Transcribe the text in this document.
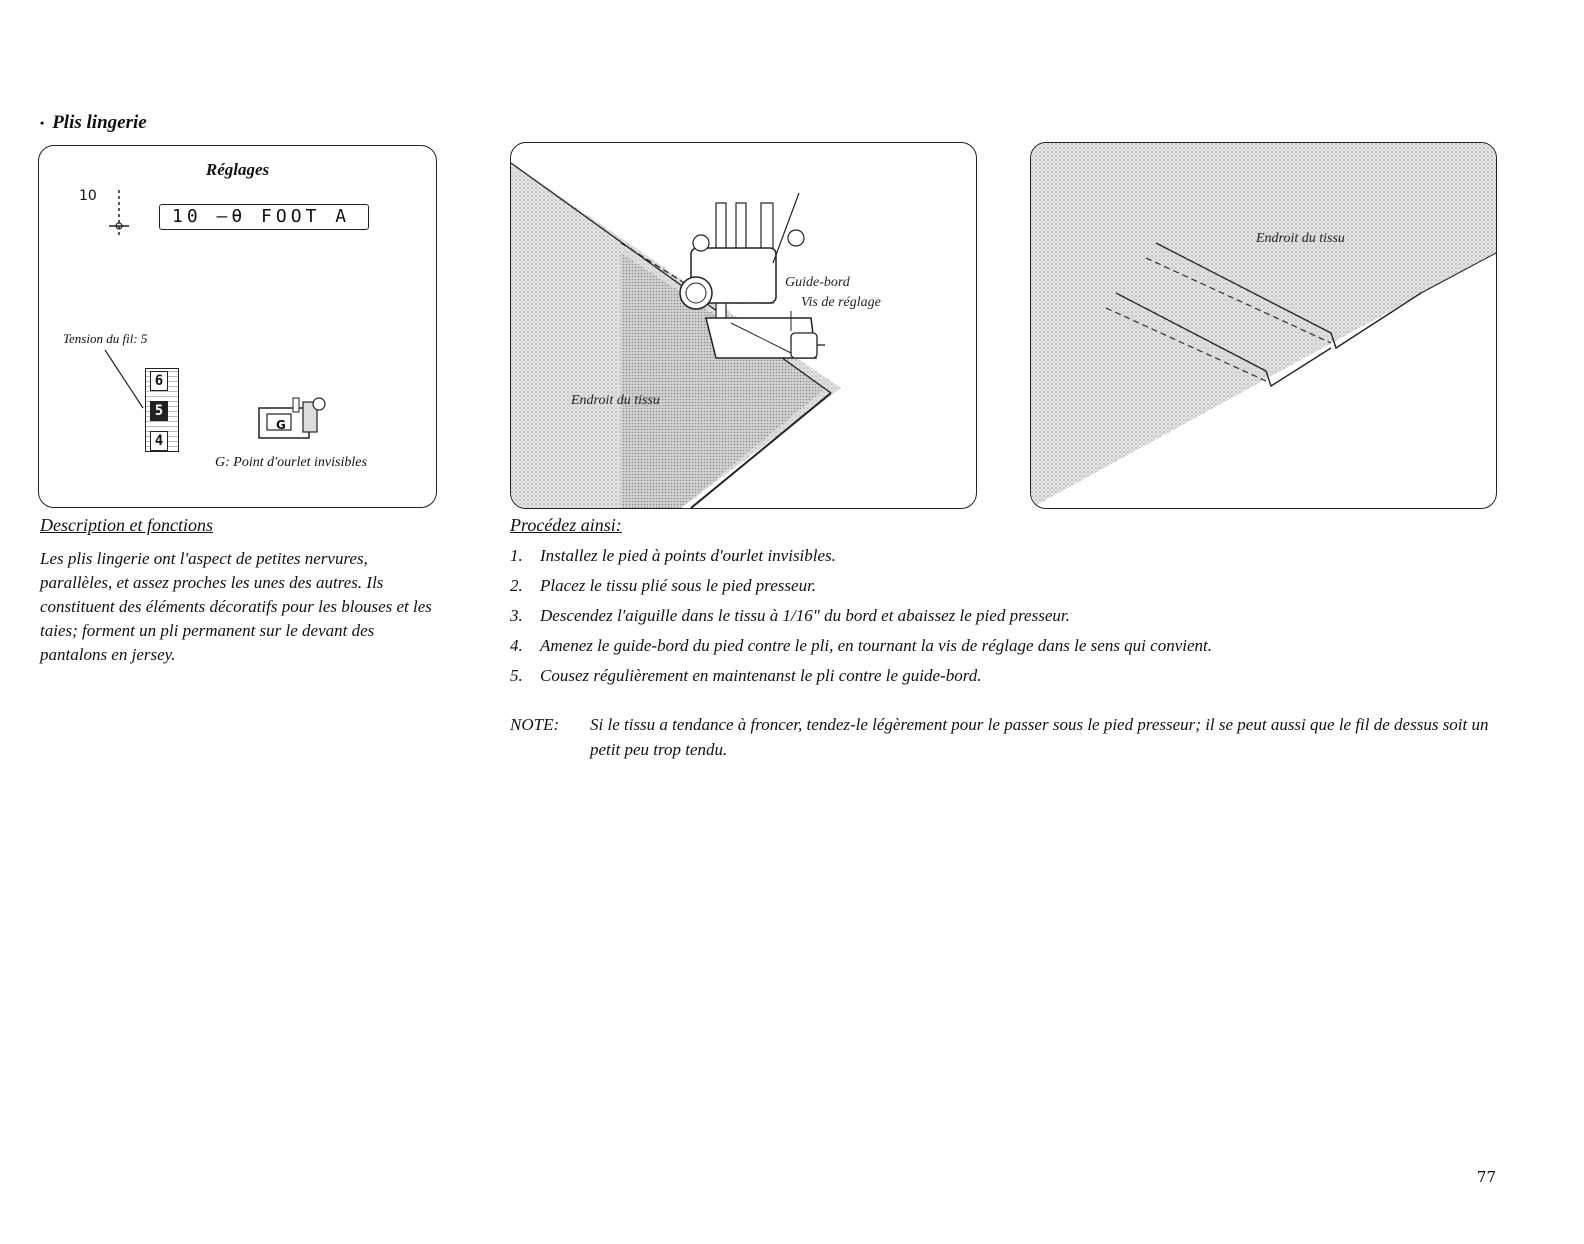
• Plis lingerie
Réglages
10
10 —θ FOOT A
Tension du fil: 5
6
5
4
G
G: Point d'ourlet invisibles
Guide-bord
Vis de réglage
Endroit du tissu
Endroit du tissu
Description et fonctions

Les plis lingerie ont l'aspect de petites nervures, parallèles, et assez proches les unes des autres. Ils constituent des éléments décoratifs pour les blouses et les taies; forment un pli permanent sur le devant des pantalons en jersey.

Procédez ainsi:
1.	Installez le pied à points d'ourlet invisibles.
2.	Placez le tissu plié sous le pied presseur.
3.	Descendez l'aiguille dans le tissu à 1/16" du bord et abaissez le pied presseur.
4.	Amenez le guide-bord du pied contre le pli, en tournant la vis de réglage dans le sens qui convient.
5.	Cousez régulièrement en maintenanst le pli contre le guide-bord.
NOTE:	Si le tissu a tendance à froncer, tendez-le légèrement pour le passer sous le pied presseur; il se peut aussi que le fil de dessus soit un petit peu trop tendu.
77
